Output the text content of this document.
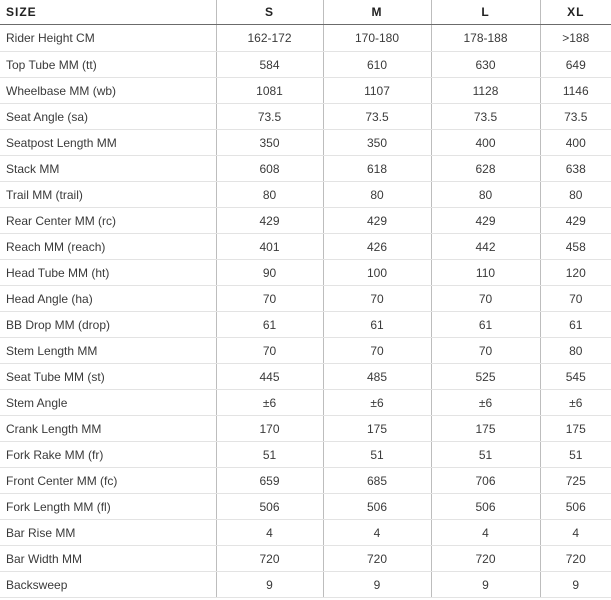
SIZE	S	M	L	XL
Rider Height CM	162-172	170-180	178-188	>188
Top Tube MM (tt)	584	610	630	649
Wheelbase MM (wb)	1081	1107	1128	1146
Seat Angle (sa)	73.5	73.5	73.5	73.5
Seatpost Length MM	350	350	400	400
Stack MM	608	618	628	638
Trail MM (trail)	80	80	80	80
Rear Center MM (rc)	429	429	429	429
Reach MM (reach)	401	426	442	458
Head Tube MM (ht)	90	100	110	120
Head Angle (ha)	70	70	70	70
BB Drop MM (drop)	61	61	61	61
Stem Length MM	70	70	70	80
Seat Tube MM (st)	445	485	525	545
Stem Angle	±6	±6	±6	±6
Crank Length MM	170	175	175	175
Fork Rake MM (fr)	51	51	51	51
Front Center MM (fc)	659	685	706	725
Fork Length MM (fl)	506	506	506	506
Bar Rise MM	4	4	4	4
Bar Width MM	720	720	720	720
Backsweep	9	9	9	9
